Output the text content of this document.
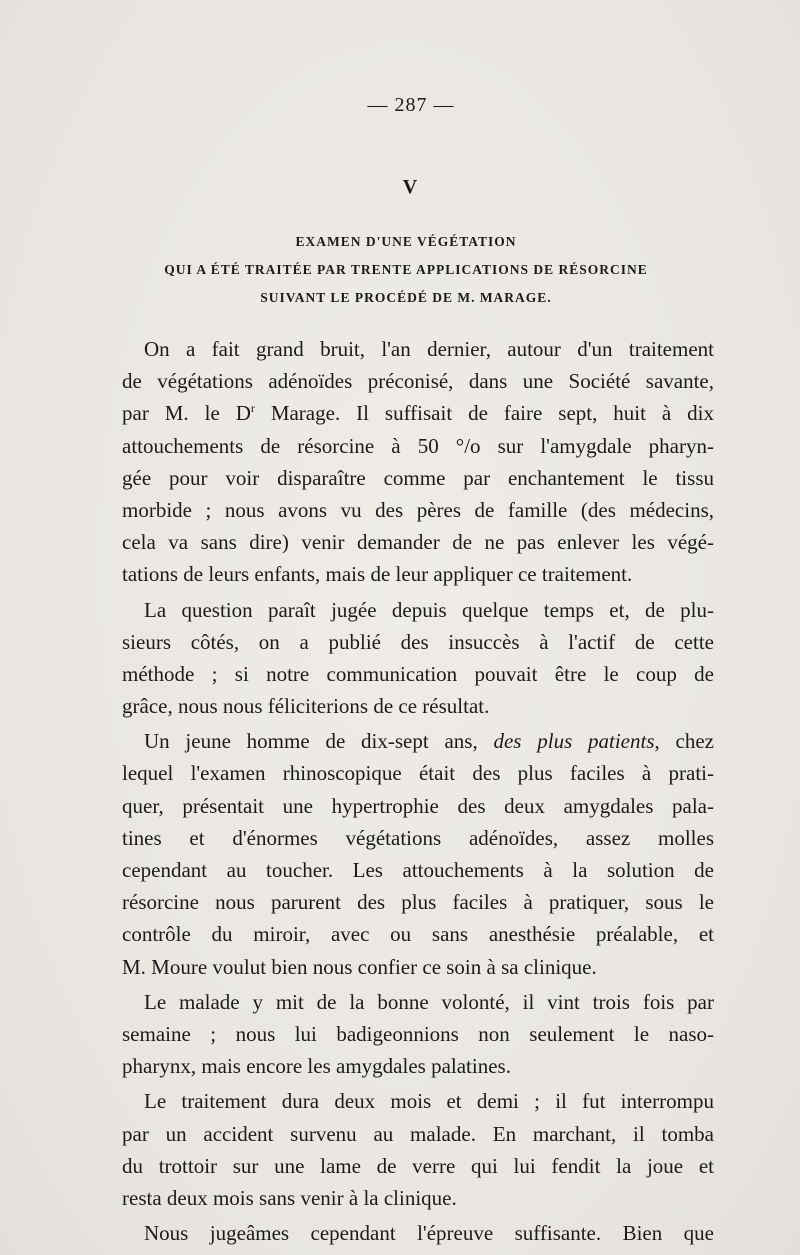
— 287 —
V
EXAMEN D'UNE VÉGÉTATION
QUI A ÉTÉ TRAITÉE PAR TRENTE APPLICATIONS DE RÉSORCINE
SUIVANT LE PROCÉDÉ DE M. MARAGE.
On a fait grand bruit, l'an dernier, autour d'un traitement
de végétations adénoïdes préconisé, dans une Société savante,
par M. le $D^r$ Marage. Il suffisait de faire sept, huit à dix
attouchements de résorcine à 50 °/o sur l'amygdale pharyn-
gée pour voir disparaître comme par enchantement le tissu
morbide ; nous avons vu des pères de famille (des médecins,
cela va sans dire) venir demander de ne pas enlever les végé-
tations de leurs enfants, mais de leur appliquer ce traitement.
La question paraît jugée depuis quelque temps et, de plu-
sieurs côtés, on a publié des insuccès à l'actif de cette
méthode ; si notre communication pouvait être le coup de
grâce, nous nous féliciterions de ce résultat.
Un jeune homme de dix-sept ans, des plus patients, chez
lequel l'examen rhinoscopique était des plus faciles à prati-
quer, présentait une hypertrophie des deux amygdales pala-
tines et d'énormes végétations adénoïdes, assez molles
cependant au toucher. Les attouchements à la solution de
résorcine nous parurent des plus faciles à pratiquer, sous le
contrôle du miroir, avec ou sans anesthésie préalable, et
M. Moure voulut bien nous confier ce soin à sa clinique.
Le malade y mit de la bonne volonté, il vint trois fois par
semaine ; nous lui badigeonnions non seulement le naso-
pharynx, mais encore les amygdales palatines.
Le traitement dura deux mois et demi ; il fut interrompu
par un accident survenu au malade. En marchant, il tomba
du trottoir sur une lame de verre qui lui fendit la joue et
resta deux mois sans venir à la clinique.
Nous jugeâmes cependant l'épreuve suffisante. Bien que
